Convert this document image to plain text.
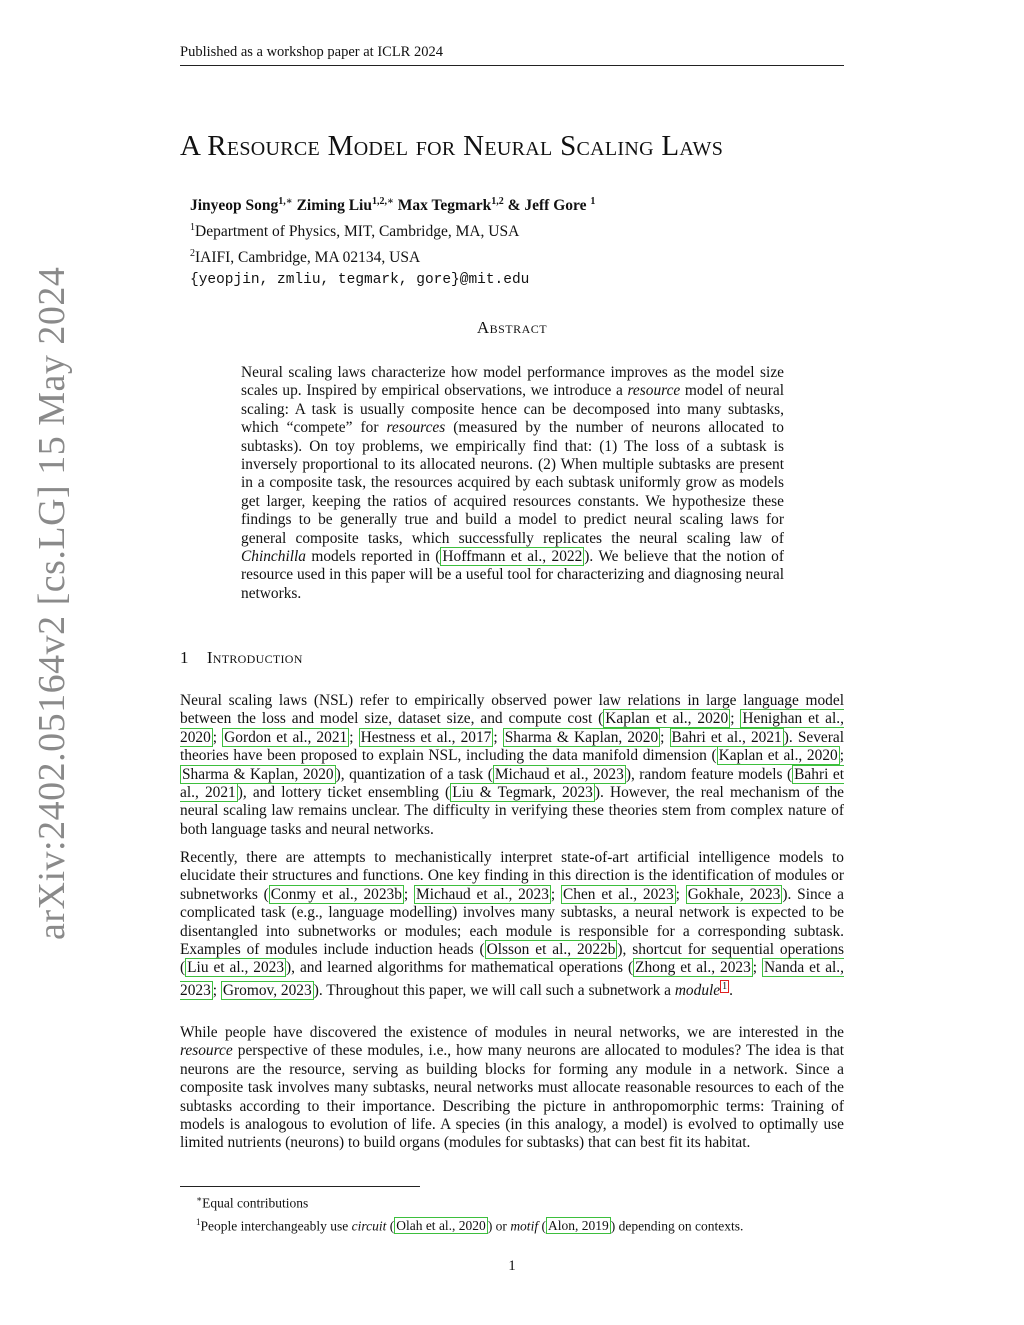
Published as a workshop paper at ICLR 2024
arXiv:2402.05164v2 [cs.LG] 15 May 2024
A Resource Model for Neural Scaling Laws
Jinyeop Song$^{1,∗}$ Ziming Liu$^{1,2,∗}$ Max Tegmark$^{1,2}$ & Jeff Gore $^1$
$^1$Department of Physics, MIT, Cambridge, MA, USA
$^2$IAIFI, Cambridge, MA 02134, USA
{yeopjin, zmliu, tegmark, gore}@mit.edu
Abstract
Neural scaling laws characterize how model performance improves as the model size scales up. Inspired by empirical observations, we introduce a resource model of neural scaling: A task is usually composite hence can be decomposed into many subtasks, which “compete” for resources (measured by the number of neurons allocated to subtasks). On toy problems, we empirically find that: (1) The loss of a subtask is inversely proportional to its allocated neurons. (2) When multiple subtasks are present in a composite task, the resources acquired by each subtask uniformly grow as models get larger, keeping the ratios of acquired resources constants. We hypothesize these findings to be generally true and build a model to predict neural scaling laws for general composite tasks, which successfully replicates the neural scaling law of Chinchilla models reported in ( Hoffmann et al., 2022 ). We believe that the notion of resource used in this paper will be a useful tool for characterizing and diagnosing neural networks.
1 Introduction
Neural scaling laws (NSL) refer to empirically observed power law relations in large language model between the loss and model size, dataset size, and compute cost ( Kaplan et al., 2020 ; Henighan et al., 2020 ; Gordon et al., 2021 ; Hestness et al., 2017 ; Sharma & Kaplan, 2020 ; Bahri et al., 2021 ). Several theories have been proposed to explain NSL, including the data manifold dimension ( Kaplan et al., 2020 ; Sharma & Kaplan, 2020 ), quantization of a task ( Michaud et al., 2023 ), random feature models ( Bahri et al., 2021 ), and lottery ticket ensembling ( Liu & Tegmark, 2023 ). However, the real mechanism of the neural scaling law remains unclear. The difficulty in verifying these theories stem from complex nature of both language tasks and neural networks.
Recently, there are attempts to mechanistically interpret state-of-art artificial intelligence models to elucidate their structures and functions. One key finding in this direction is the identification of modules or subnetworks ( Conmy et al., 2023b ; Michaud et al., 2023 ; Chen et al., 2023 ; Gokhale, 2023 ). Since a complicated task (e.g., language modelling) involves many subtasks, a neural network is expected to be disentangled into subnetworks or modules; each module is responsible for a corresponding subtask. Examples of modules include induction heads ( Olsson et al., 2022b ), shortcut for sequential operations ( Liu et al., 2023 ), and learned algorithms for mathematical operations ( Zhong et al., 2023 ; Nanda et al., 2023 ; Gromov, 2023 ). Throughout this paper, we will call such a subnetwork a module $^1$ .
While people have discovered the existence of modules in neural networks, we are interested in the resource perspective of these modules, i.e., how many neurons are allocated to modules? The idea is that neurons are the resource, serving as building blocks for forming any module in a network. Since a composite task involves many subtasks, neural networks must allocate reasonable resources to each of the subtasks according to their importance. Describing the picture in anthropomorphic terms: Training of models is analogous to evolution of life. A species (in this analogy, a model) is evolved to optimally use limited nutrients (neurons) to build organs (modules for subtasks) that can best fit its habitat.
∗Equal contributions
$^1$People interchangeably use circuit ( Olah et al., 2020 ) or motif ( Alon, 2019 ) depending on contexts.
1
